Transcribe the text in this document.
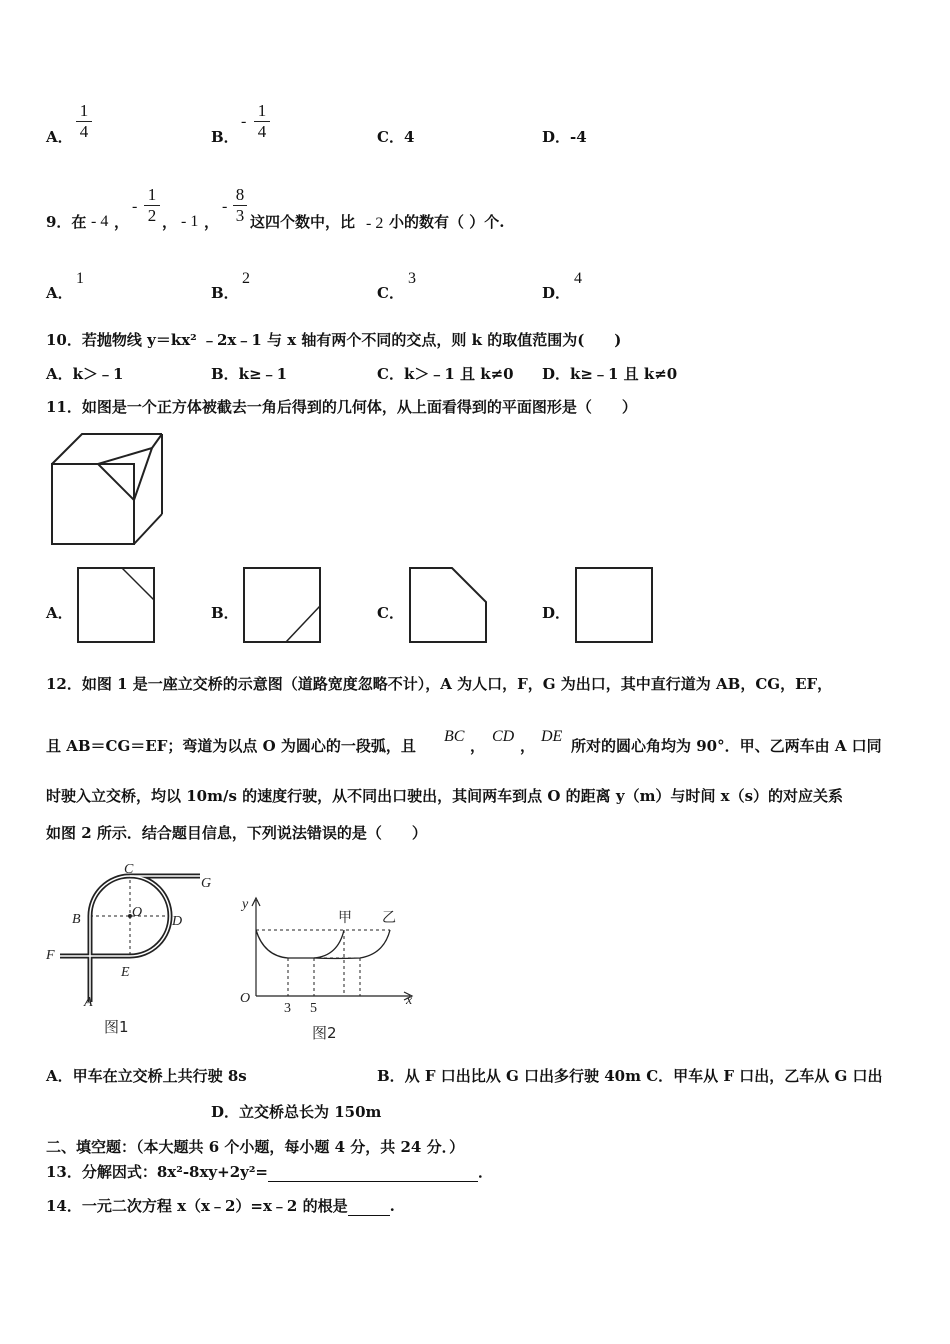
A．
1
4	B．
-
1
4	C．4	D．-4
9．在 - 4 ，
-
1
2 ， - 1 ，
-
8
3 这四个数中，比 - 2 小的数有（ ）个.
A．
1
B．
2
C．
3
D．
4
10．若抛物线 y＝kx² ﹣2x﹣1 与 x 轴有两个不同的交点，则 k 的取值范围为(　　)
A．k＞﹣1	B．k≥﹣1	C．k＞﹣1 且 k≠0 D．k≥﹣1 且 k≠0
11．如图是一个正方体被截去一角后得到的几何体，从上面看得到的平面图形是（　　）
A．	B．	C．	D．
12．如图 1 是一座立交桥的示意图（道路宽度忽略不计），A 为人口，F，G 为出口，其中直行道为 AB，CG，EF，
且 AB＝CG＝EF；弯道为以点 O 为圆心的一段弧，且
BC
，
CD
，
DE
所对的圆心角均为 90°．甲、乙两车由 A 口同
时驶入立交桥，均以 10m/s 的速度行驶，从不同出口驶出，其间两车到点 O 的距离 y（m）与时间 x（s）的对应关系
如图 2 所示．结合题目信息，下列说法错误的是（　　）
C
G
B	O
D
F
E
A
图1
y
甲 乙
O
3 5
x
图2
A．甲车在立交桥上共行驶 8s	B．从 F 口出比从 G 口出多行驶 40m C．甲车从 F 口出，乙车从 G 口出
D．立交桥总长为 150m
二、填空题：（本大题共 6 个小题，每小题 4 分，共 24 分．）
13．分解因式：8x²-8xy+2y²=	．
14．一元二次方程 x（x﹣2）=x﹣2 的根是	.
